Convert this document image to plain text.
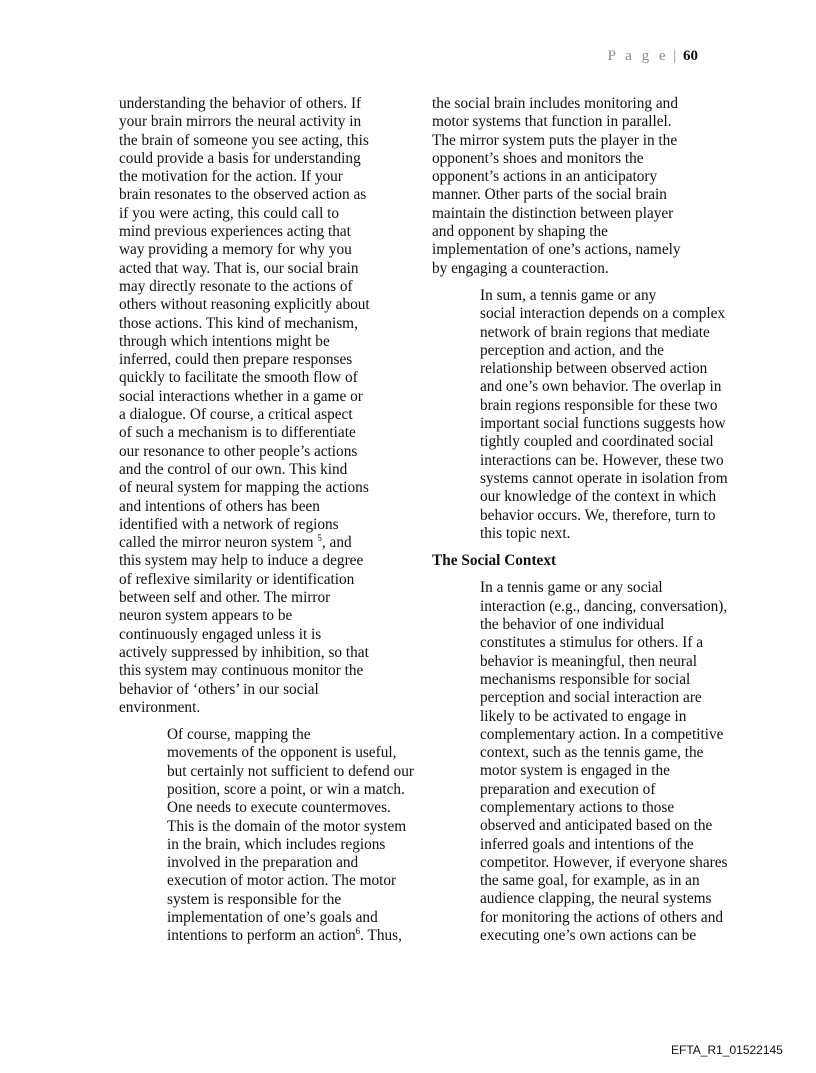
P a g e | 60

understanding the behavior of others. If
your brain mirrors the neural activity in
the brain of someone you see acting, this
could provide a basis for understanding
the motivation for the action. If your
brain resonates to the observed action as
if you were acting, this could call to
mind previous experiences acting that
way providing a memory for why you
acted that way. That is, our social brain
may directly resonate to the actions of
others without reasoning explicitly about
those actions. This kind of mechanism,
through which intentions might be
inferred, could then prepare responses
quickly to facilitate the smooth flow of
social interactions whether in a game or
a dialogue. Of course, a critical aspect
of such a mechanism is to differentiate
our resonance to other people’s actions
and the control of our own. This kind
of neural system for mapping the actions
and intentions of others has been
identified with a network of regions
called the mirror neuron system $^5$, and
this system may help to induce a degree
of reflexive similarity or identification
between self and other. The mirror
neuron system appears to be
continuously engaged unless it is
actively suppressed by inhibition, so that
this system may continuous monitor the
behavior of ‘others’ in our social
environment.

Of course, mapping the
movements of the opponent is useful,
but certainly not sufficient to defend our
position, score a point, or win a match.
One needs to execute countermoves.
This is the domain of the motor system
in the brain, which includes regions
involved in the preparation and
execution of motor action. The motor
system is responsible for the
implementation of one’s goals and
intentions to perform an action$^6$. Thus,

the social brain includes monitoring and
motor systems that function in parallel.
The mirror system puts the player in the
opponent’s shoes and monitors the
opponent’s actions in an anticipatory
manner. Other parts of the social brain
maintain the distinction between player
and opponent by shaping the
implementation of one’s actions, namely
by engaging a counteraction.

In sum, a tennis game or any
social interaction depends on a complex
network of brain regions that mediate
perception and action, and the
relationship between observed action
and one’s own behavior. The overlap in
brain regions responsible for these two
important social functions suggests how
tightly coupled and coordinated social
interactions can be. However, these two
systems cannot operate in isolation from
our knowledge of the context in which
behavior occurs. We, therefore, turn to
this topic next.

The Social Context

In a tennis game or any social
interaction (e.g., dancing, conversation),
the behavior of one individual
constitutes a stimulus for others. If a
behavior is meaningful, then neural
mechanisms responsible for social
perception and social interaction are
likely to be activated to engage in
complementary action. In a competitive
context, such as the tennis game, the
motor system is engaged in the
preparation and execution of
complementary actions to those
observed and anticipated based on the
inferred goals and intentions of the
competitor. However, if everyone shares
the same goal, for example, as in an
audience clapping, the neural systems
for monitoring the actions of others and
executing one’s own actions can be

EFTA_R1_01522145
